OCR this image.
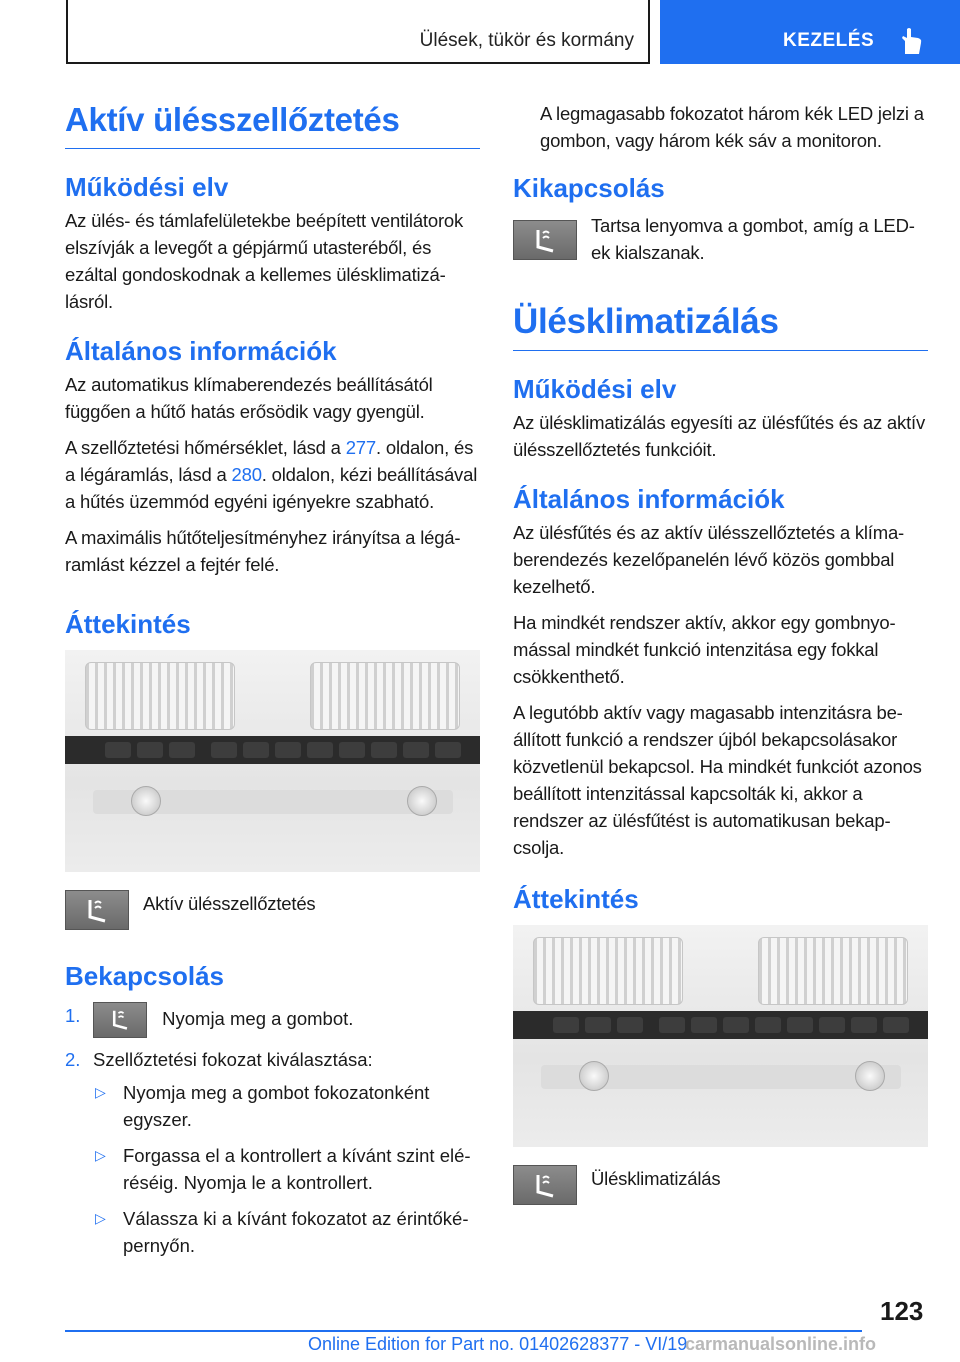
Ülések, tükör és kormány	KEZELÉS
Aktív ülésszellőztetés
Működési elv

Az ülés- és támlafelületekbe beépített ventilátorok elszívják a levegőt a gépjármű utasteréből, és ezáltal gondoskodnak a kellemes ülésklimatizálásról.

Általános információk

Az automatikus klímaberendezés beállításától függően a hűtő hatás erősödik vagy gyengül.

A szellőztetési hőmérséklet, lásd a 277. oldalon, és a légáramlás, lásd a 280. oldalon, kézi beállításával a hűtés üzemmód egyéni igényekre szabható.

A maximális hűtőteljesítményhez irányítsa a légáramlást kézzel a fejtér felé.

Áttekintés

Aktív ülésszellőztetés

Bekapcsolás
1.	Nyomja meg a gombot.
2. Szellőztetési fokozat kiválasztása:
▷ Nyomja meg a gombot fokozatonként egyszer.
▷ Forgassa el a kontrollert a kívánt szint eléréséig. Nyomja le a kontrollert.
▷ Válassza ki a kívánt fokozatot az érintőképernyőn.

A legmagasabb fokozatot három kék LED jelzi a gombon, vagy három kék sáv a monitoron.

Kikapcsolás

Tartsa lenyomva a gombot, amíg a LED-ek kialszanak.

Ülésklimatizálás
Működési elv

Az ülésklimatizálás egyesíti az ülésfűtés és az aktív ülésszellőztetés funkcióit.

Általános információk

Az ülésfűtés és az aktív ülésszellőztetés a klímaberendezés kezelőpanelén lévő közös gombbal kezelhető.

Ha mindkét rendszer aktív, akkor egy gombnyomással mindkét funkció intenzitása egy fokkal csökkenthető.

A legutóbb aktív vagy magasabb intenzitásra beállított funkció a rendszer újból bekapcsolásakor közvetlenül bekapcsol. Ha mindkét funkciót azonos beállított intenzitással kapcsolták ki, akkor a rendszer az ülésfűtést is automatikusan bekapcsolja.

Áttekintés

Ülésklimatizálás

123
Online Edition for Part no. 01402628377 - VI/19
carmanualsonline.info
